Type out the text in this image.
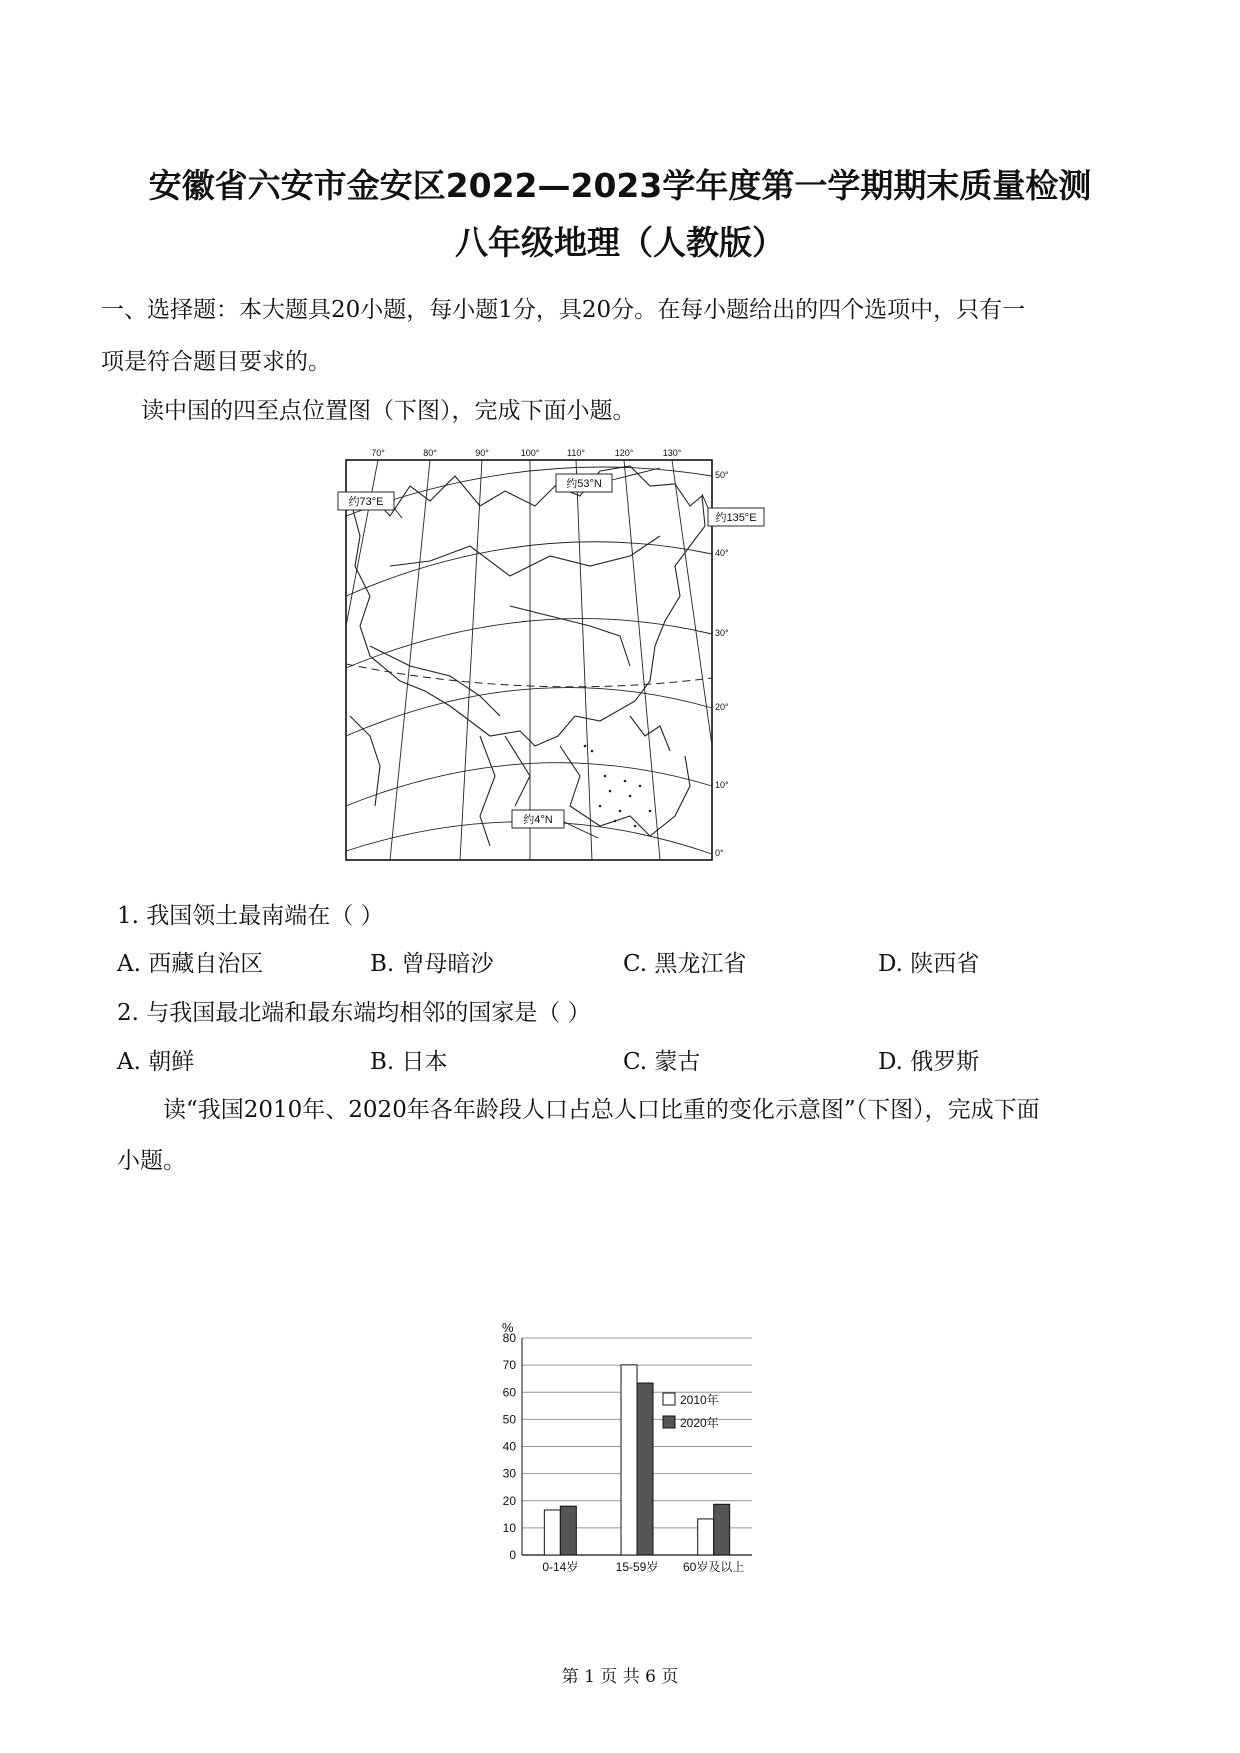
安徽省六安市金安区2022—2023学年度第一学期期末质量检测
八年级地理（人教版）
一、选择题：本大题具20小题，每小题1分，具20分。在每小题给出的四个选项中，只有一
项是符合题目要求的。
读中国的四至点位置图（下图），完成下面小题。
70°	80°	90°	100°	110°	120°	130°
50°
40°
30°
20°
10°
0°
约73°E
约53°N
约135°E
约4°N
1. 我国领土最南端在（ ）
A. 西藏自治区	B. 曾母暗沙	C. 黑龙江省	D. 陕西省
2. 与我国最北端和最东端均相邻的国家是（ ）
A. 朝鲜	B. 日本	C. 蒙古	D. 俄罗斯
读“我国2010年、2020年各年龄段人口占总人口比重的变化示意图”（下图），完成下面
小题。
0
10
20
30
40
50
60
70
80
0-14岁	15-59岁 60岁及以上
%
2010年
2020年
第 1 页 共 6 页
